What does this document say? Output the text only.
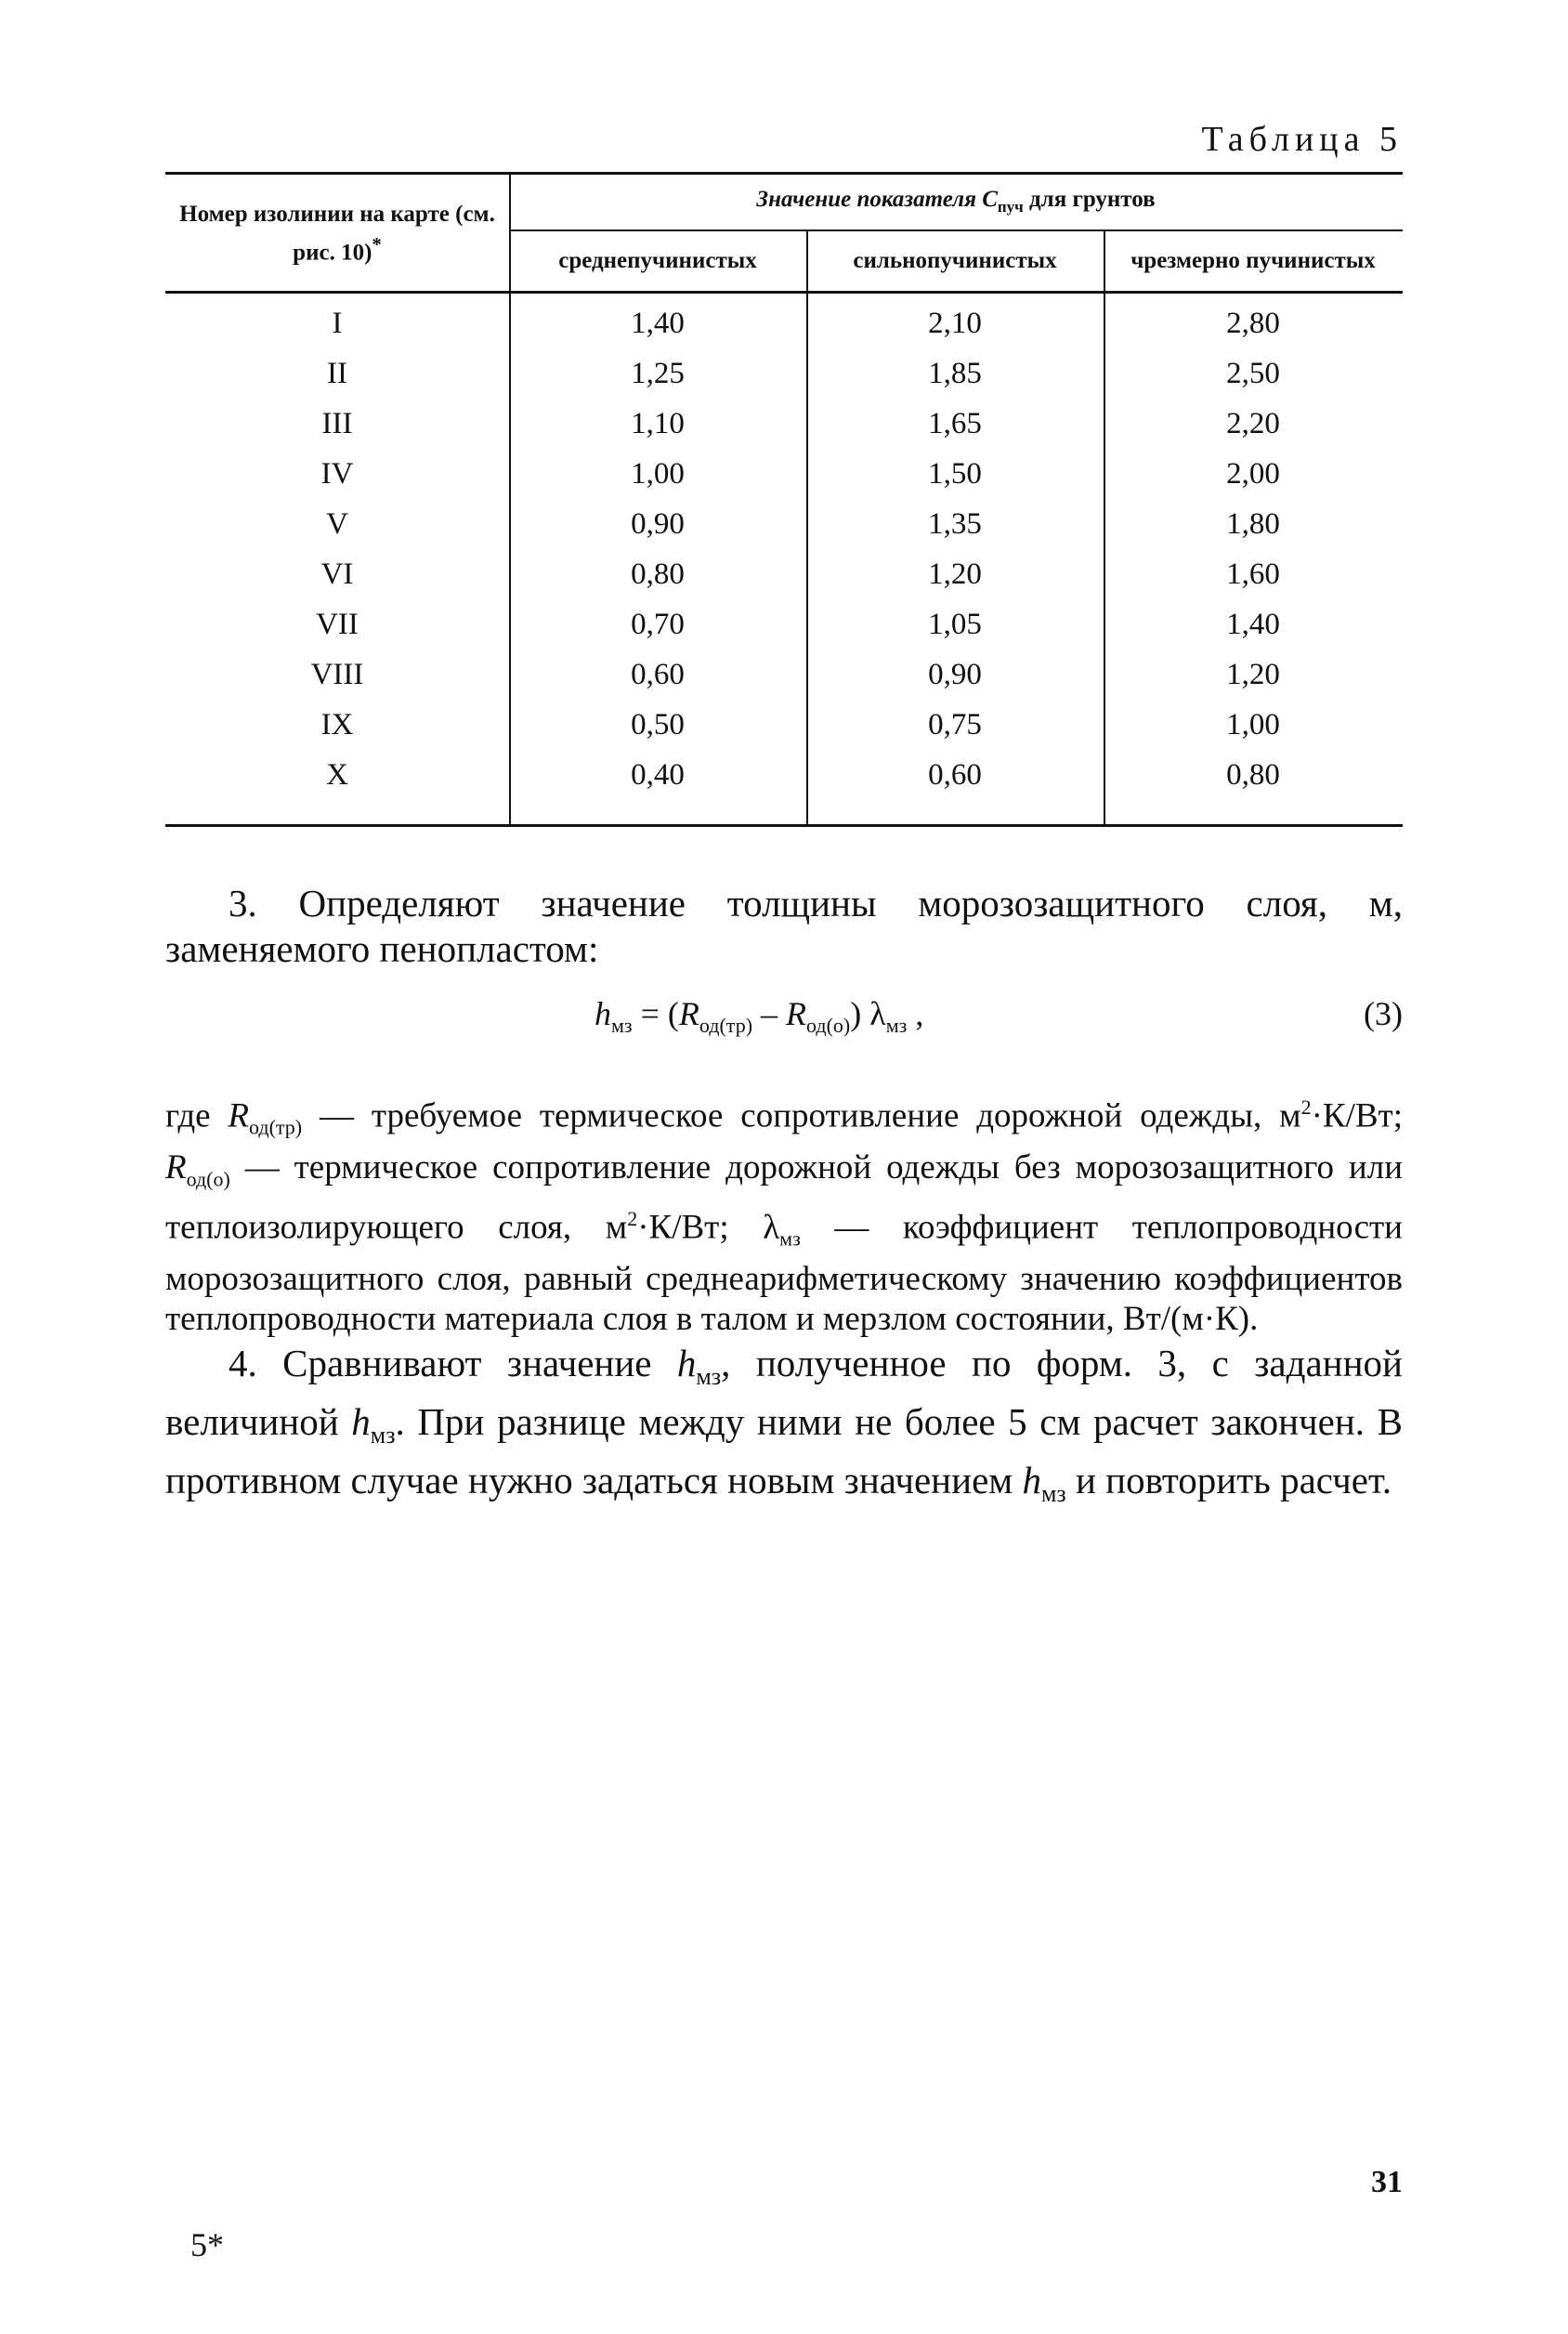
Таблица 5
Номер изолинии на карте (см. рис. 10)*
Значение показателя $C_{пуч}$ для грунтов
среднепучинистых	сильнопучинистых	чрезмерно пучинистых
I	1,40	2,10	2,80
II	1,25	1,85	2,50
III	1,10	1,65	2,20
IV	1,00	1,50	2,00
V	0,90	1,35	1,80
VI	0,80	1,20	1,60
VII	0,70	1,05	1,40
VIII	0,60	0,90	1,20
IX	0,50	0,75	1,00
X	0,40	0,60	0,80
3. Определяют значение толщины морозозащитного слоя, м, заменяемого пенопластом:
$h_{мз} = (R_{од(тр)} - R_{од(о)})$ $\lambda_{мз}$ ,	(3)
где $R_{од(тр)}$ — требуемое термическое сопротивление дорожной одежды, $м^2\cdot К/Вт$; $R_{од(о)}$ — термическое сопротивление дорожной одежды без морозозащитного или теплоизолирующего слоя, $м^2\cdot К/Вт$; $\lambda_{мз}$ — коэффициент теплопроводности морозозащитного слоя, равный среднеарифметическому значению коэффициентов теплопроводности материала слоя в талом и мерзлом состоянии, Вт/(м·К).
4. Сравнивают значение $h_{мз}$, полученное по форм. 3, с заданной величиной $h_{мз}$. При разнице между ними не более 5 см расчет закончен. В противном случае нужно задаться новым значением $h_{мз}$ и повторить расчет.
31
5*
